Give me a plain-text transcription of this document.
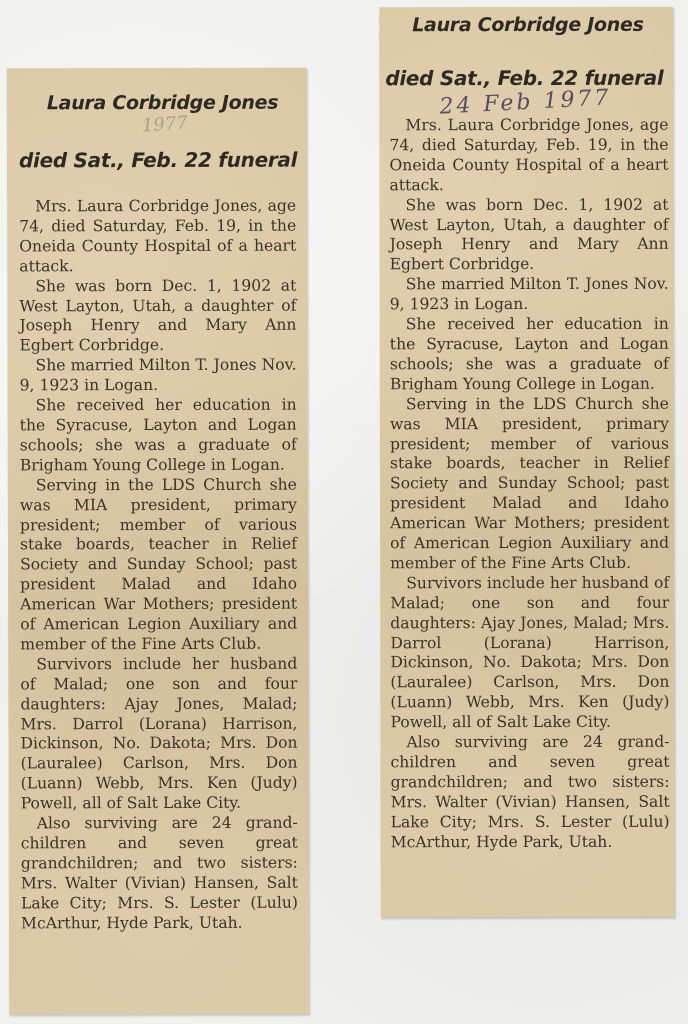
Laura Corbridge Jones
1977
died Sat., Feb. 22 funeral

Mrs. Laura Corbridge Jones, age 74, died Saturday, Feb. 19, in the Oneida County Hospital of a heart attack.

She was born Dec. 1, 1902 at West Layton, Utah, a daughter of Joseph Henry and Mary Ann Egbert Corbridge.

She married Milton T. Jones Nov. 9, 1923 in Logan.

She received her education in the Syracuse, Layton and Logan schools; she was a graduate of Brigham Young College in Logan.

Serving in the LDS Church she was MIA president, primary president; member of various stake boards, teacher in Relief Society and Sunday School; past president Malad and Idaho American War Mothers; president of American Legion Auxiliary and member of the Fine Arts Club.

Survivors include her husband of Malad; one son and four daughters: Ajay Jones, Malad; Mrs. Darrol (Lorana) Harrison, Dickinson, No. Dakota; Mrs. Don (Lauralee) Carlson, Mrs. Don (Luann) Webb, Mrs. Ken (Judy) Powell, all of Salt Lake City.

Also surviving are 24 grand-children and seven great grandchildren; and two sisters: Mrs. Walter (Vivian) Hansen, Salt Lake City; Mrs. S. Lester (Lulu) McArthur, Hyde Park, Utah.

Laura Corbridge Jones
died Sat., Feb. 22 funeral
24 Feb 1977

Mrs. Laura Corbridge Jones, age 74, died Saturday, Feb. 19, in the Oneida County Hospital of a heart attack.

She was born Dec. 1, 1902 at West Layton, Utah, a daughter of Joseph Henry and Mary Ann Egbert Corbridge.

She married Milton T. Jones Nov. 9, 1923 in Logan.

She received her education in the Syracuse, Layton and Logan schools; she was a graduate of Brigham Young College in Logan.

Serving in the LDS Church she was MIA president, primary president; member of various stake boards, teacher in Relief Society and Sunday School; past president Malad and Idaho American War Mothers; president of American Legion Auxiliary and member of the Fine Arts Club.

Survivors include her husband of Malad; one son and four daughters: Ajay Jones, Malad; Mrs. Darrol (Lorana) Harrison, Dickinson, No. Dakota; Mrs. Don (Lauralee) Carlson, Mrs. Don (Luann) Webb, Mrs. Ken (Judy) Powell, all of Salt Lake City.

Also surviving are 24 grand-children and seven great grandchildren; and two sisters: Mrs. Walter (Vivian) Hansen, Salt Lake City; Mrs. S. Lester (Lulu) McArthur, Hyde Park, Utah.
